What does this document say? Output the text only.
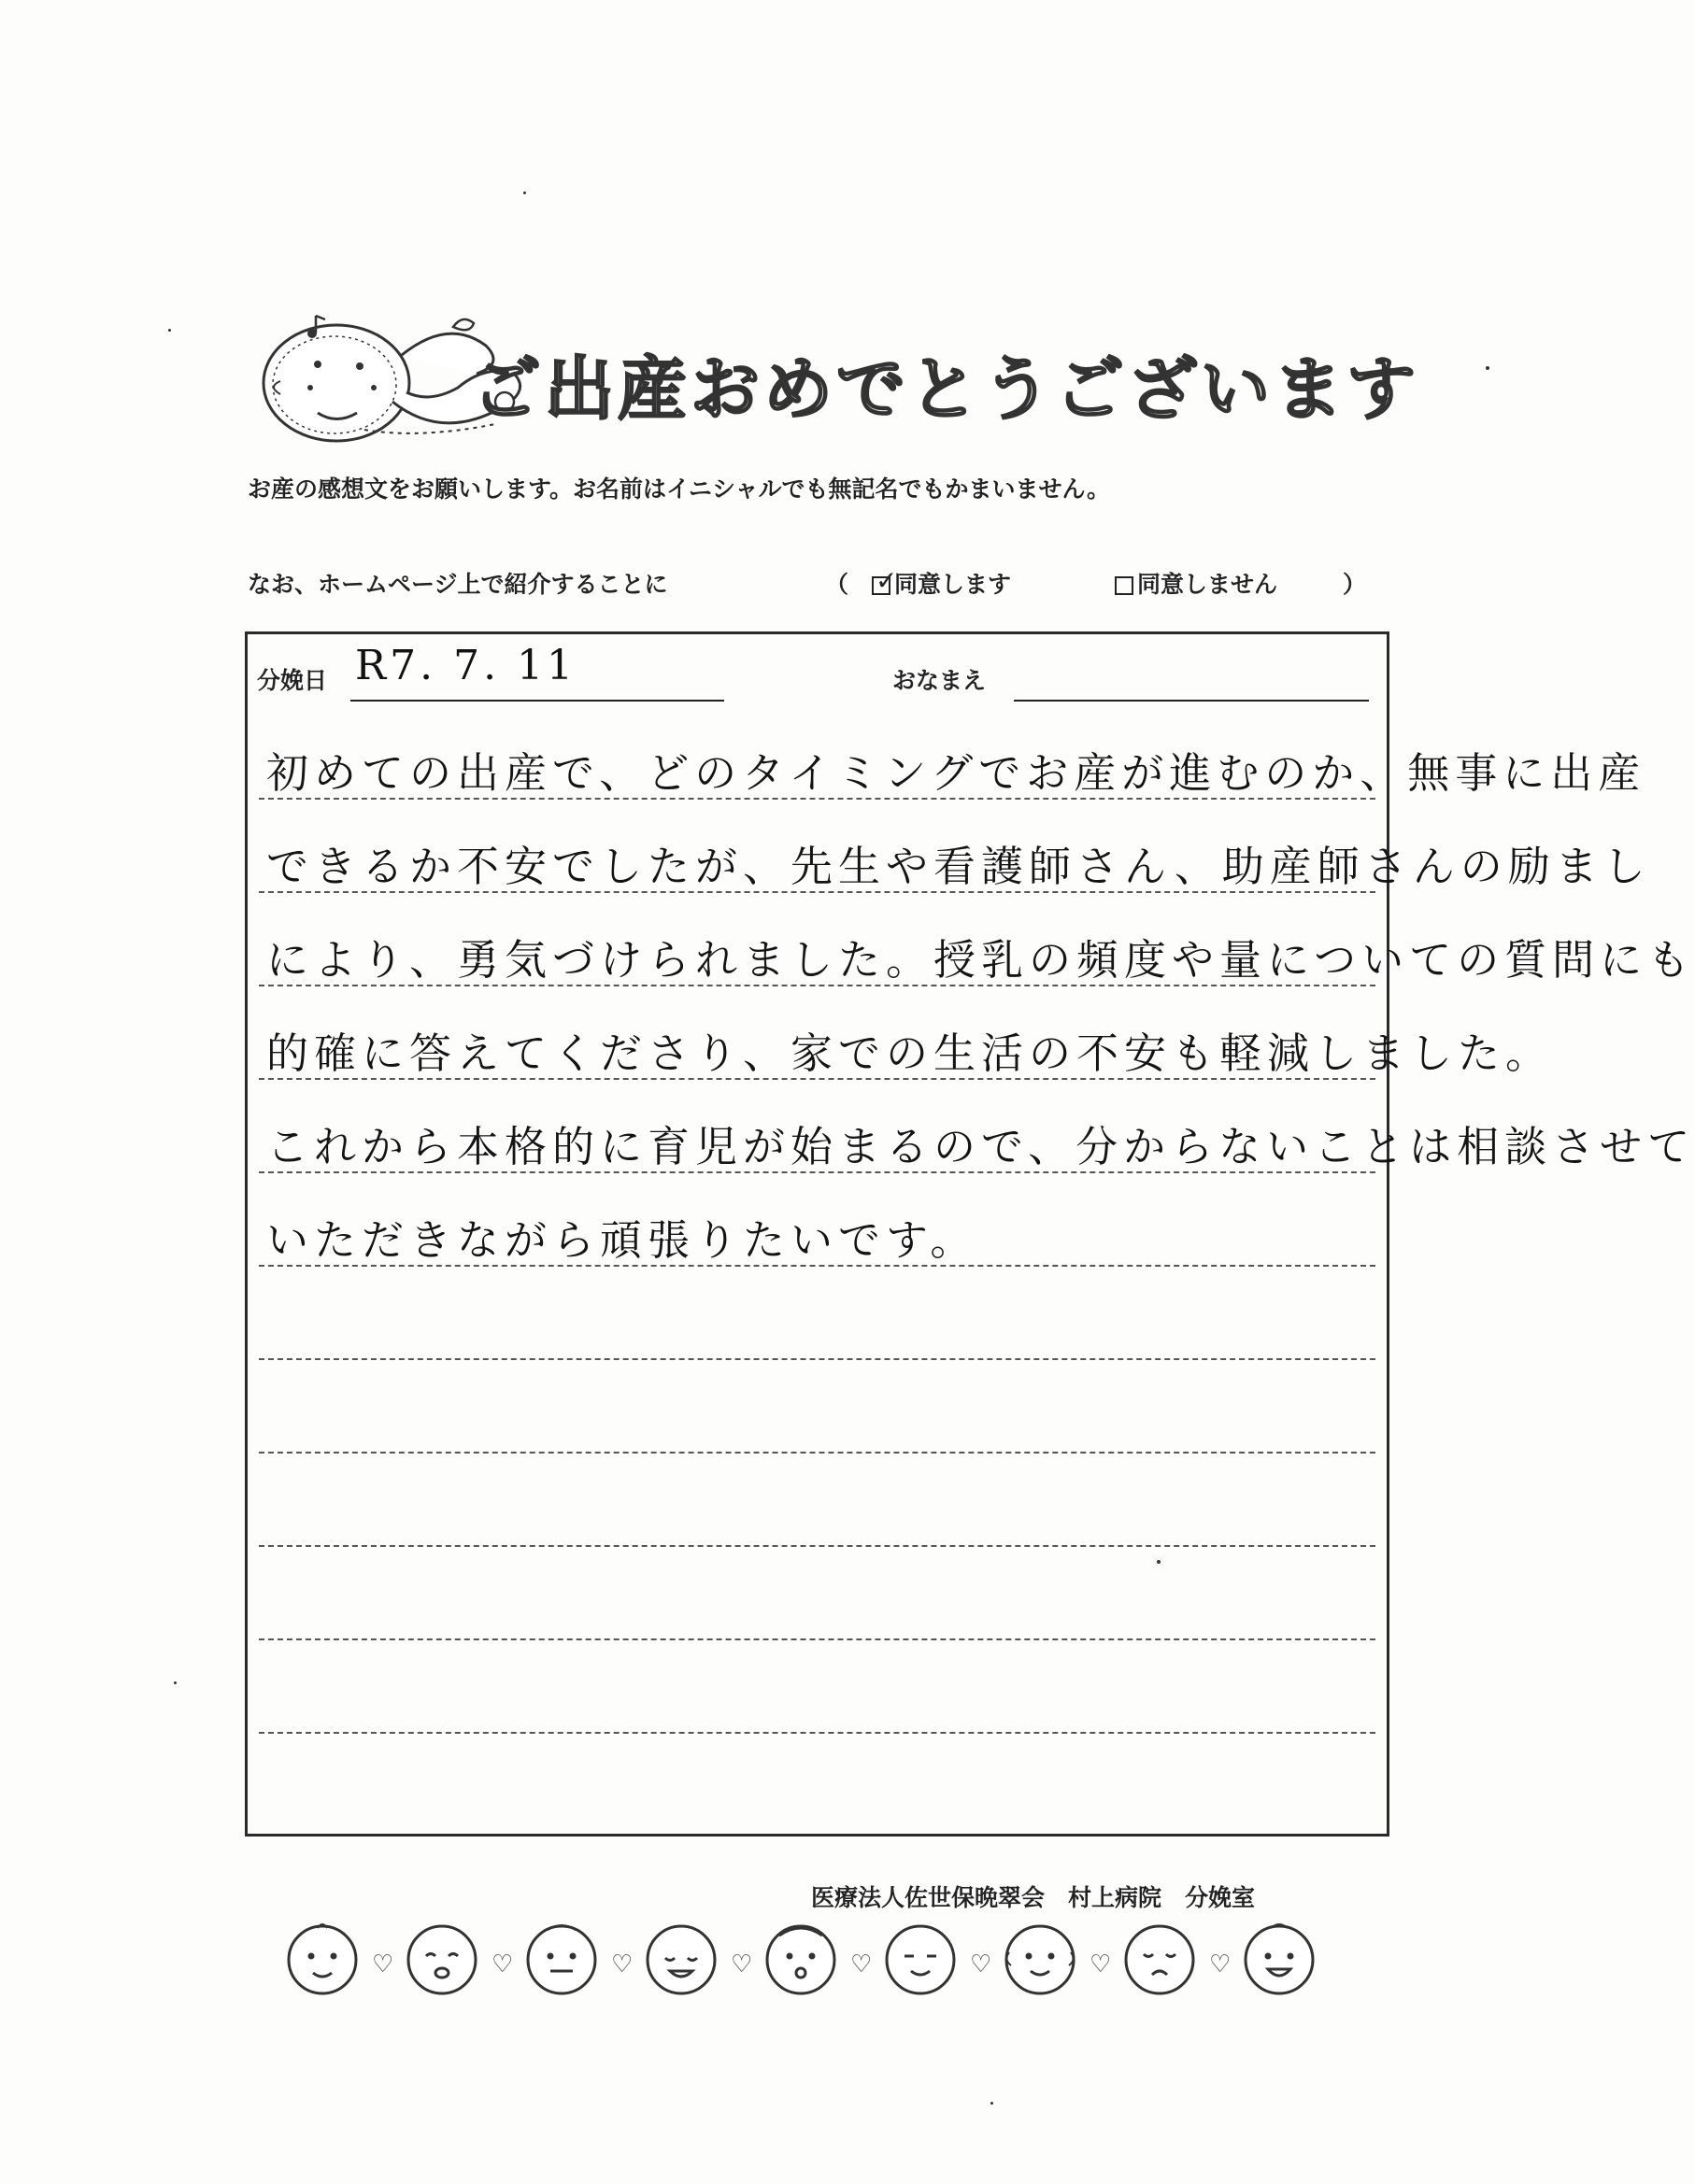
ご出産おめでとうございます
お産の感想文をお願いします。お名前はイニシャルでも無記名でもかまいません。
なお、ホームページ上で紹介することに	（ ✓
同意します	同意しません	）
分娩日 R7. 7. 11	おなまえ
初めての出産で、どのタイミングでお産が進むのか、無事に出産
できるか不安でしたが、先生や看護師さん、助産師さんの励まし
により、勇気づけられました。授乳の頻度や量についての質問にも
的確に答えてくださり、家での生活の不安も軽減しました。
これから本格的に育児が始まるので、分からないことは相談させて
いただきながら頑張りたいです。
医療法人佐世保晩翠会　村上病院　分娩室
♡	♡	♡	♡	♡	♡	♡	♡
